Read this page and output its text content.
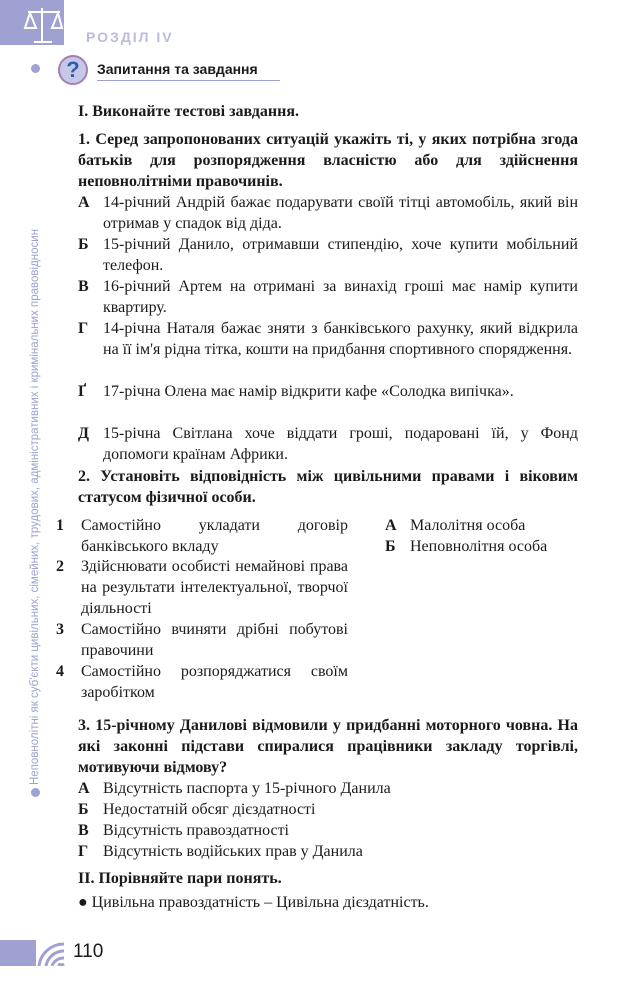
РОЗДІЛ IV
?	Запитання та завдання
Неповнолітні як суб'єкти цивільних, сімейних, трудових, адміністративних і кримінальних правовідносин
I. Виконайте тестові завдання.
1. Серед запропонованих ситуацій укажіть ті, у яких потрібна згода батьків для розпорядження власністю або для здійснення неповнолітніми правочинів.
А 14-річний Андрій бажає подарувати своїй тітці автомобіль, який він отримав у спадок від діда.
Б 15-річний Данило, отримавши стипендію, хоче купити мобільний телефон.
В 16-річний Артем на отримані за винахід гроші має намір купити квартиру.
Г 14-річна Наталя бажає зняти з банківського рахунку, який відкрила на її ім'я рідна тітка, кошти на придбання спортивного спорядження.
Ґ 17-річна Олена має намір відкрити кафе «Солодка випічка».
Д 15-річна Світлана хоче віддати гроші, подаровані їй, у Фонд допомоги країнам Африки.
2. Установіть відповідність між цивільними правами і віковим статусом фізичної особи.
1 Самостійно укладати договір банківського вкладу
2 Здійснювати особисті немайнові права на результати інтелектуальної, творчої діяльності
3 Самостійно вчиняти дрібні побутові правочини
4 Самостійно розпоряджатися своїм заробітком
А Малолітня особа
Б Неповнолітня особа
3. 15-річному Данилові відмовили у придбанні моторного човна. На які законні підстави спиралися працівники закладу торгівлі, мотивуючи відмову?
А Відсутність паспорта у 15-річного Данила
Б Недостатній обсяг дієздатності
В Відсутність правоздатності
Г Відсутність водійських прав у Данила
II. Порівняйте пари понять.
● Цивільна правоздатність – Цивільна дієздатність.
110
